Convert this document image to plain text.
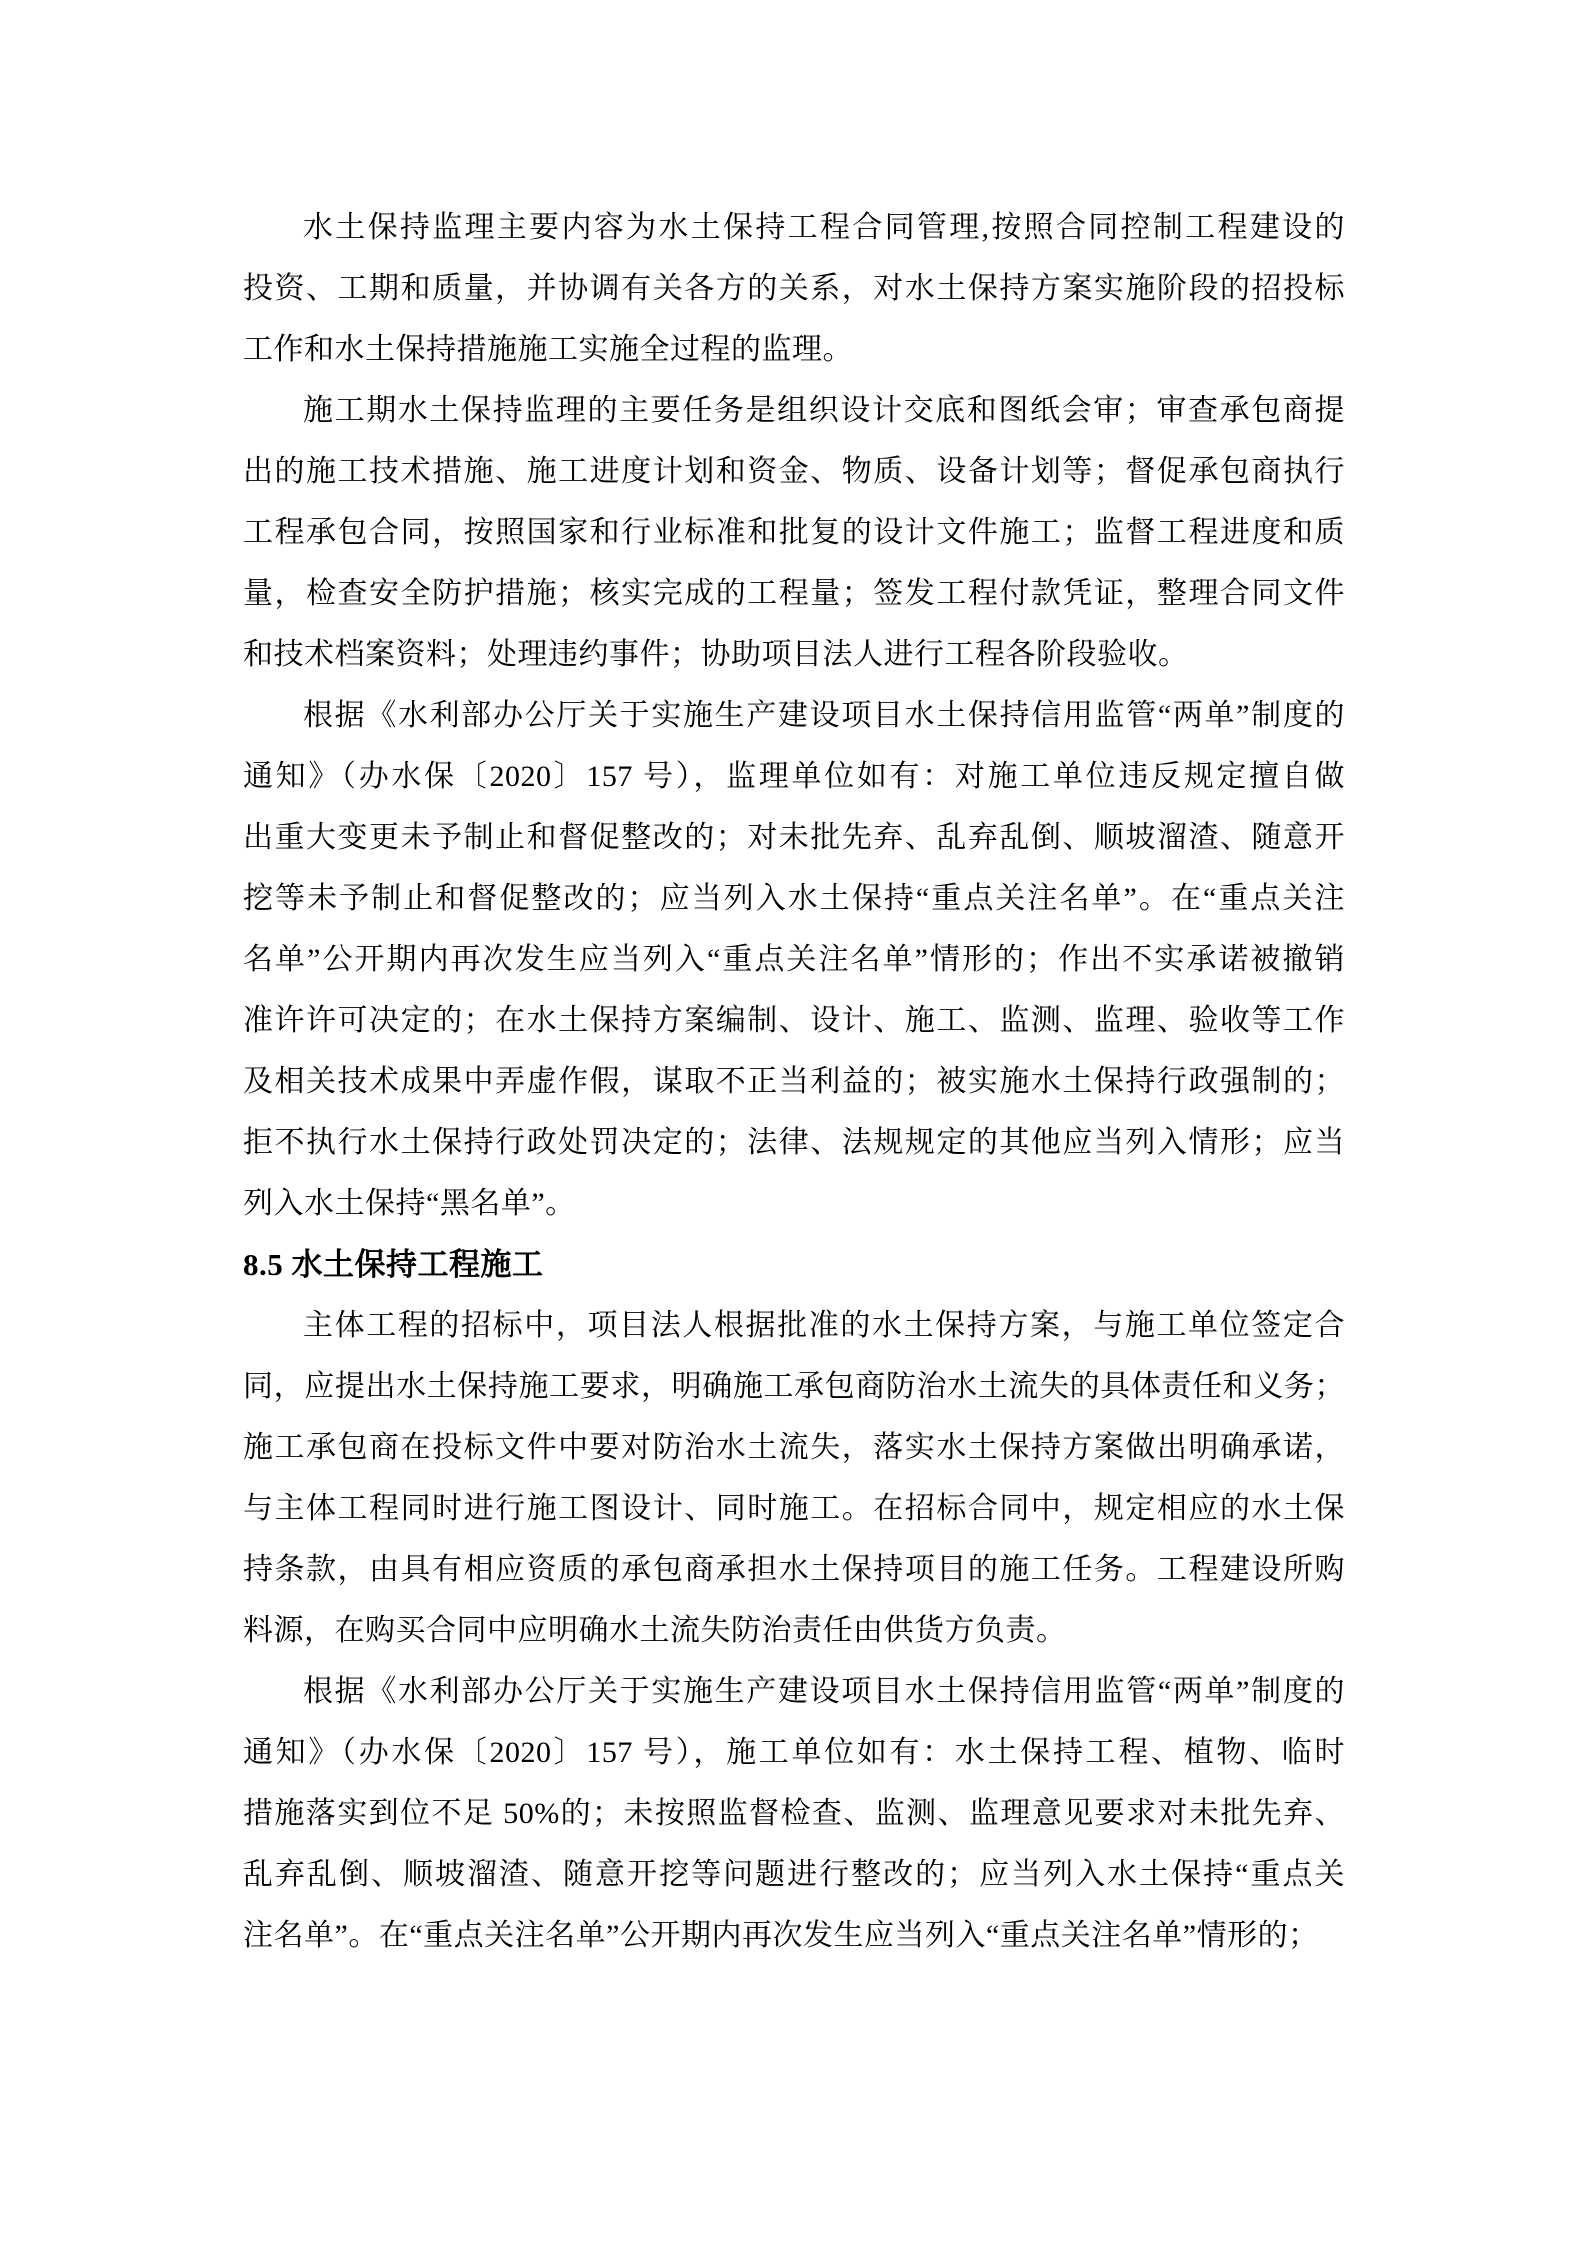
水土保持监理主要内容为水土保持工程合同管理,按照合同控制工程建设的
投资、工期和质量，并协调有关各方的关系，对水土保持方案实施阶段的招投标
工作和水土保持措施施工实施全过程的监理。
施工期水土保持监理的主要任务是组织设计交底和图纸会审；审查承包商提
出的施工技术措施、施工进度计划和资金、物质、设备计划等；督促承包商执行
工程承包合同，按照国家和行业标准和批复的设计文件施工；监督工程进度和质
量，检查安全防护措施；核实完成的工程量；签发工程付款凭证，整理合同文件
和技术档案资料；处理违约事件；协助项目法人进行工程各阶段验收。
根据《水利部办公厅关于实施生产建设项目水土保持信用监管“两单”制度的
通知》（办水保〔2020〕157 号），监理单位如有：对施工单位违反规定擅自做
出重大变更未予制止和督促整改的；对未批先弃、乱弃乱倒、顺坡溜渣、随意开
挖等未予制止和督促整改的；应当列入水土保持“重点关注名单”。在“重点关注
名单”公开期内再次发生应当列入“重点关注名单”情形的；作出不实承诺被撤销
准许许可决定的；在水土保持方案编制、设计、施工、监测、监理、验收等工作
及相关技术成果中弄虚作假，谋取不正当利益的；被实施水土保持行政强制的；
拒不执行水土保持行政处罚决定的；法律、法规规定的其他应当列入情形；应当
列入水土保持“黑名单”。
8.5 水土保持工程施工
主体工程的招标中，项目法人根据批准的水土保持方案，与施工单位签定合
同，应提出水土保持施工要求，明确施工承包商防治水土流失的具体责任和义务；
施工承包商在投标文件中要对防治水土流失，落实水土保持方案做出明确承诺，
与主体工程同时进行施工图设计、同时施工。在招标合同中，规定相应的水土保
持条款，由具有相应资质的承包商承担水土保持项目的施工任务。工程建设所购
料源，在购买合同中应明确水土流失防治责任由供货方负责。
根据《水利部办公厅关于实施生产建设项目水土保持信用监管“两单”制度的
通知》（办水保〔2020〕157 号），施工单位如有：水土保持工程、植物、临时
措施落实到位不足 50%的；未按照监督检查、监测、监理意见要求对未批先弃、
乱弃乱倒、顺坡溜渣、随意开挖等问题进行整改的；应当列入水土保持“重点关
注名单”。在“重点关注名单”公开期内再次发生应当列入“重点关注名单”情形的；
